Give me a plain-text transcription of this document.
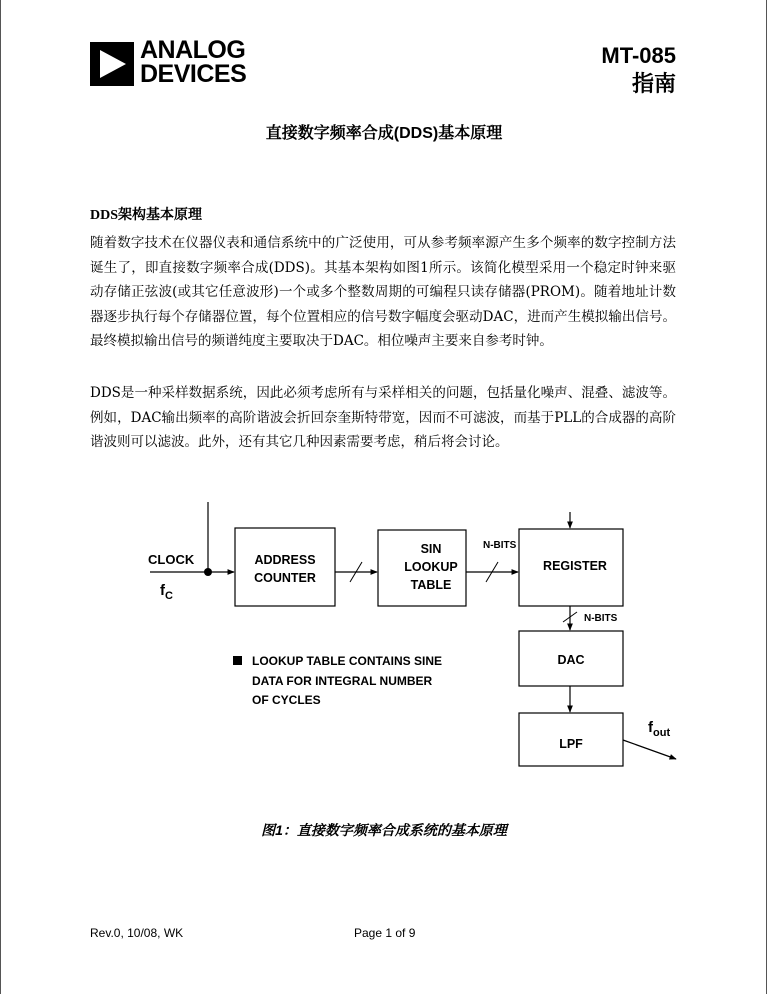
ANALOG
DEVICES
MT-085
指南
直接数字频率合成(DDS)基本原理
DDS架构基本原理

随着数字技术在仪器仪表和通信系统中的广泛使用，可从参考频率源产生多个频率的数字控制方法诞生了，即直接数字频率合成(DDS)。其基本架构如图1所示。该简化模型采用一个稳定时钟来驱动存储正弦波(或其它任意波形)一个或多个整数周期的可编程只读存储器(PROM)。随着地址计数器逐步执行每个存储器位置，每个位置相应的信号数字幅度会驱动DAC，进而产生模拟输出信号。最终模拟输出信号的频谱纯度主要取决于DAC。相位噪声主要来自参考时钟。

DDS是一种采样数据系统，因此必须考虑所有与采样相关的问题，包括量化噪声、混叠、滤波等。例如，DAC输出频率的高阶谐波会折回奈奎斯特带宽，因而不可滤波，而基于PLL的合成器的高阶谐波则可以滤波。此外，还有其它几种因素需要考虑，稍后将会讨论。

CLOCK
$f_C$
ADDRESS
COUNTER
SIN
LOOKUP
TABLE
N-BITS
REGISTER
N-BITS
DAC
LPF
$f_{out}$
LOOKUP TABLE CONTAINS SINE
DATA FOR INTEGRAL NUMBER
OF CYCLES
图1：直接数字频率合成系统的基本原理
Rev.0, 10/08, WK	Page 1 of 9
